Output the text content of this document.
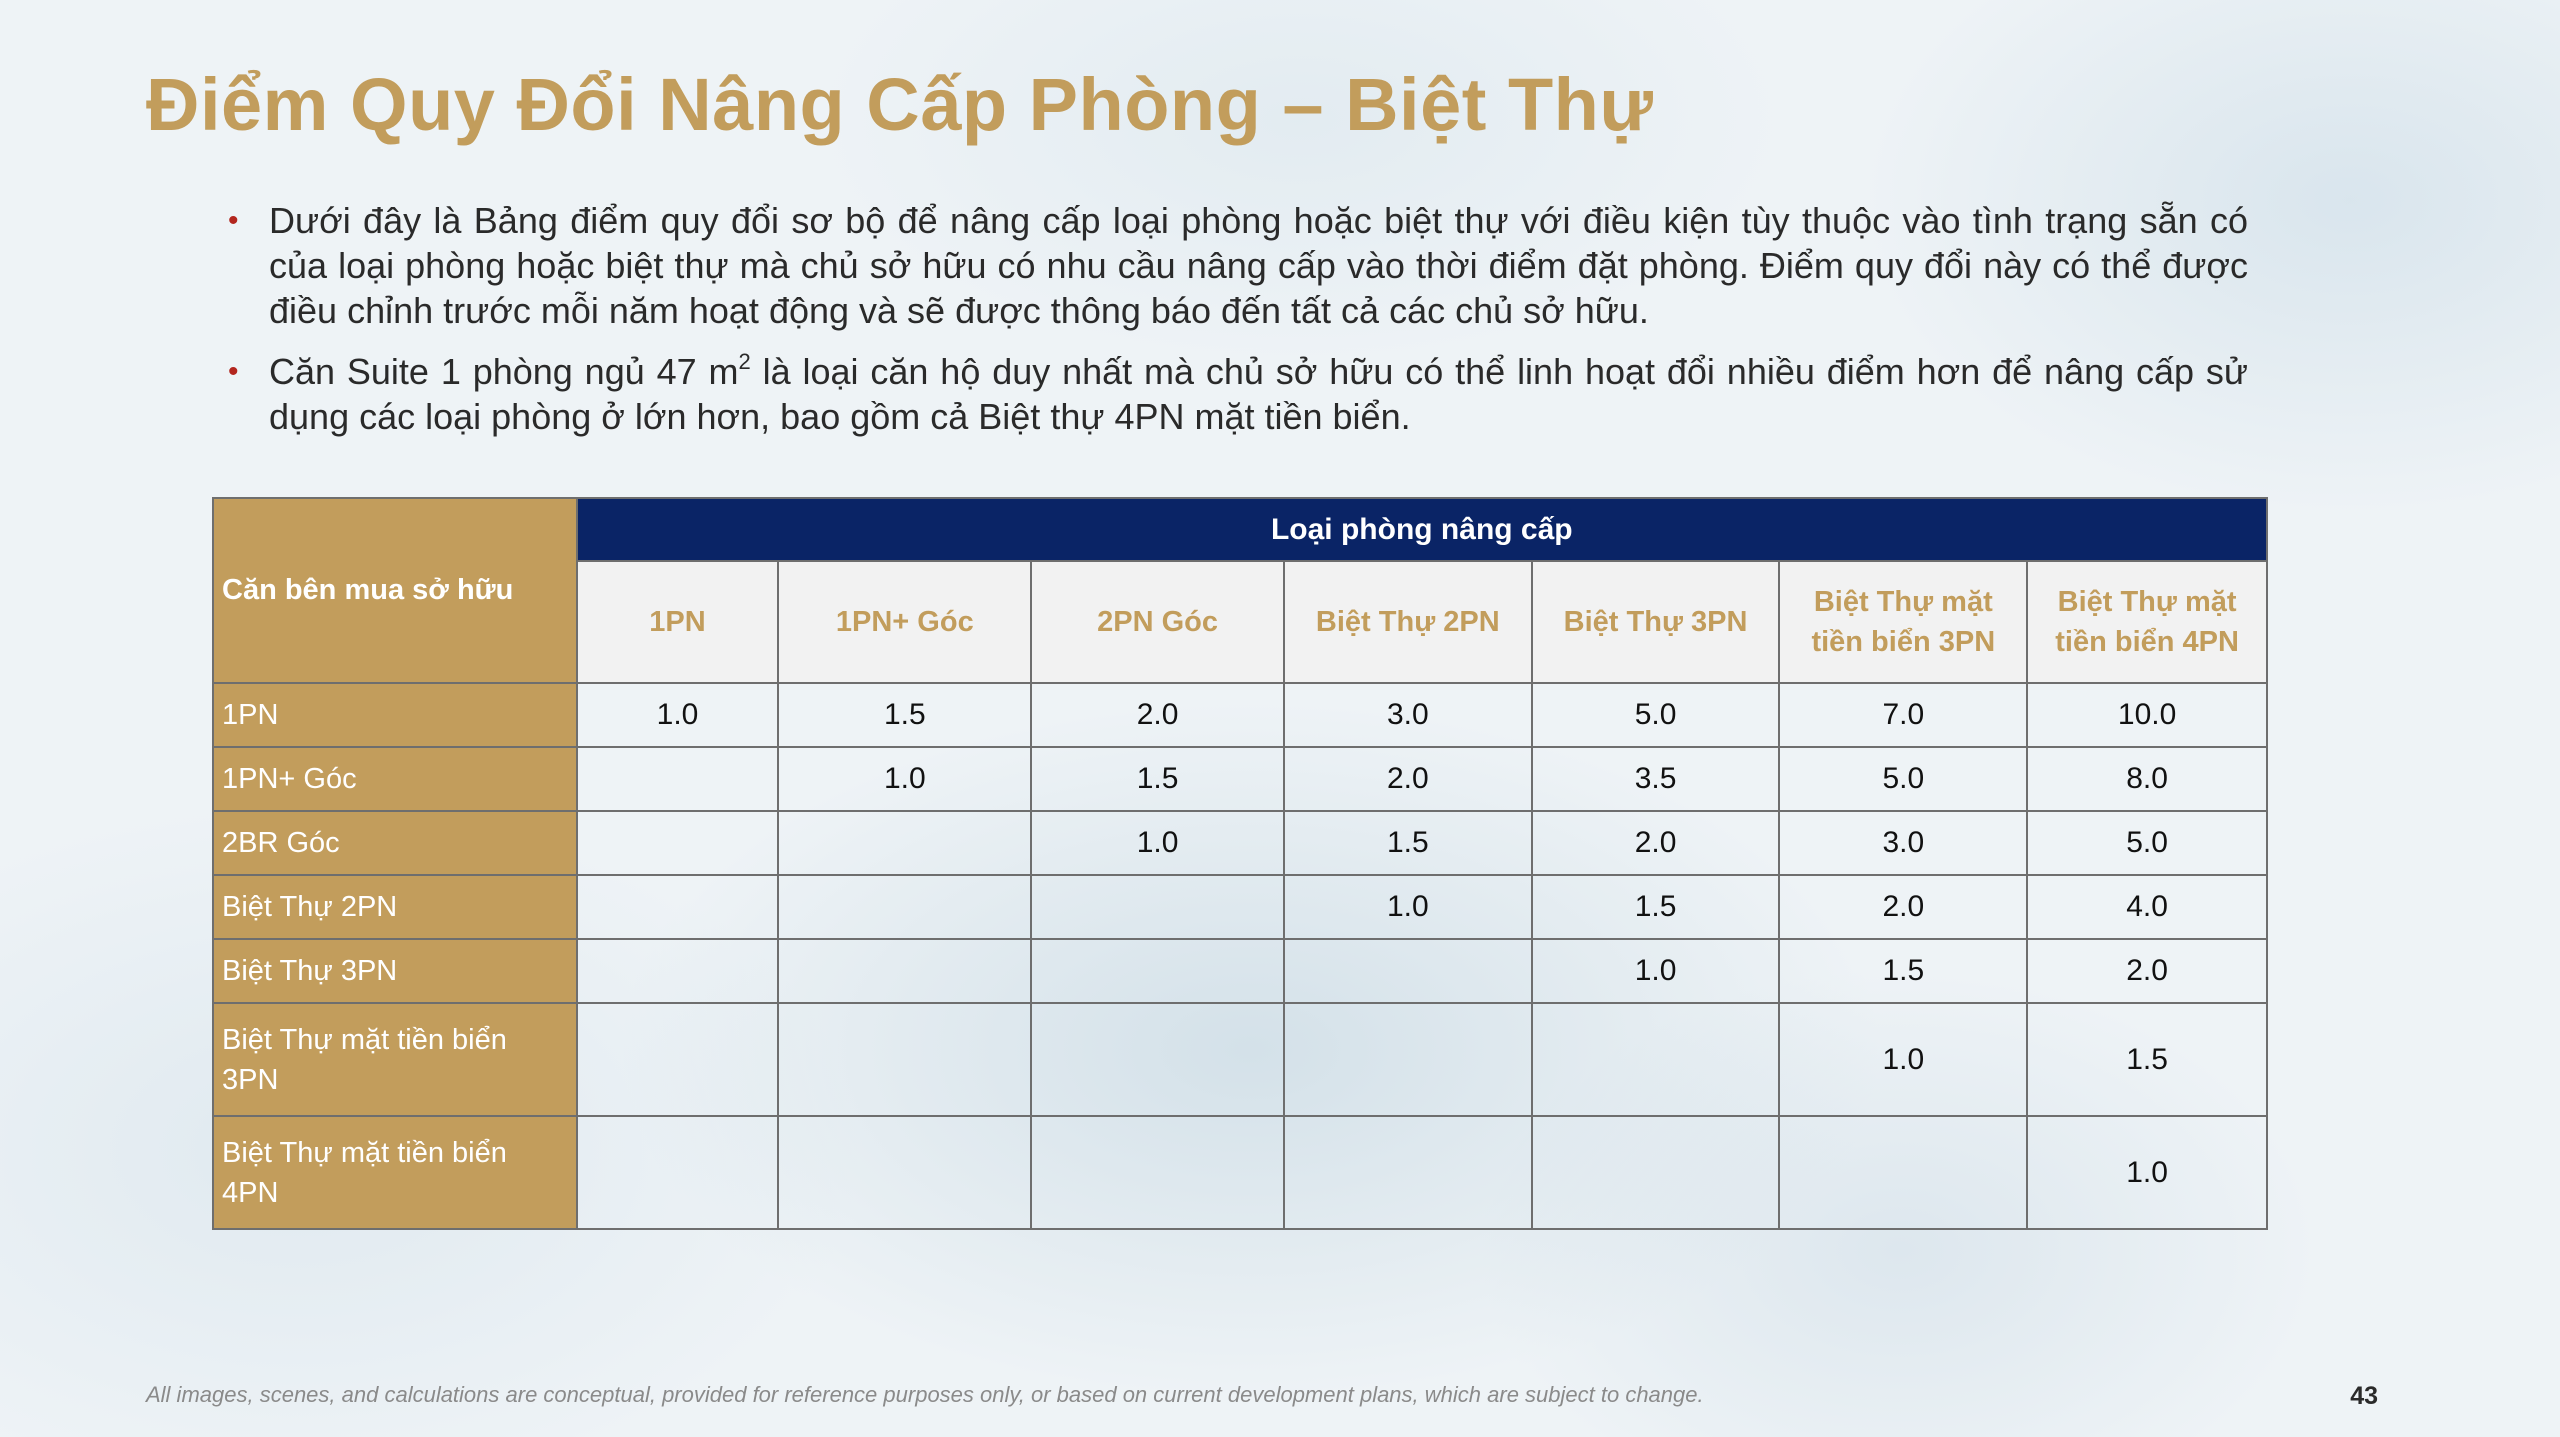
Điểm Quy Đổi Nâng Cấp Phòng – Biệt Thự
• Dưới đây là Bảng điểm quy đổi sơ bộ để nâng cấp loại phòng hoặc biệt thự với điều kiện tùy thuộc vào tình trạng sẵn có của loại phòng hoặc biệt thự mà chủ sở hữu có nhu cầu nâng cấp vào thời điểm đặt phòng. Điểm quy đổi này có thể được điều chỉnh trước mỗi năm hoạt động và sẽ được thông báo đến tất cả các chủ sở hữu.
• Căn Suite 1 phòng ngủ 47 $m^2$ là loại căn hộ duy nhất mà chủ sở hữu có thể linh hoạt đổi nhiều điểm hơn để nâng cấp sử dụng các loại phòng ở lớn hơn, bao gồm cả Biệt thự 4PN mặt tiền biển.
Căn bên mua sở hữu	Loại phòng nâng cấp						
	1PN	1PN+ Góc	2PN Góc	Biệt Thự 2PN	Biệt Thự 3PN	Biệt Thự mặt tiền biển 3PN	Biệt Thự mặt tiền biển 4PN
1PN	1.0	1.5	2.0	3.0	5.0	7.0	10.0
1PN+ Góc		1.0	1.5	2.0	3.5	5.0	8.0
2BR Góc			1.0	1.5	2.0	3.0	5.0
Biệt Thự 2PN				1.0	1.5	2.0	4.0
Biệt Thự 3PN					1.0	1.5	2.0
Biệt Thự mặt tiền biển 3PN						1.0	1.5
Biệt Thự mặt tiền biển 4PN							1.0
All images, scenes, and calculations are conceptual, provided for reference purposes only, or based on current development plans, which are subject to change.	43
